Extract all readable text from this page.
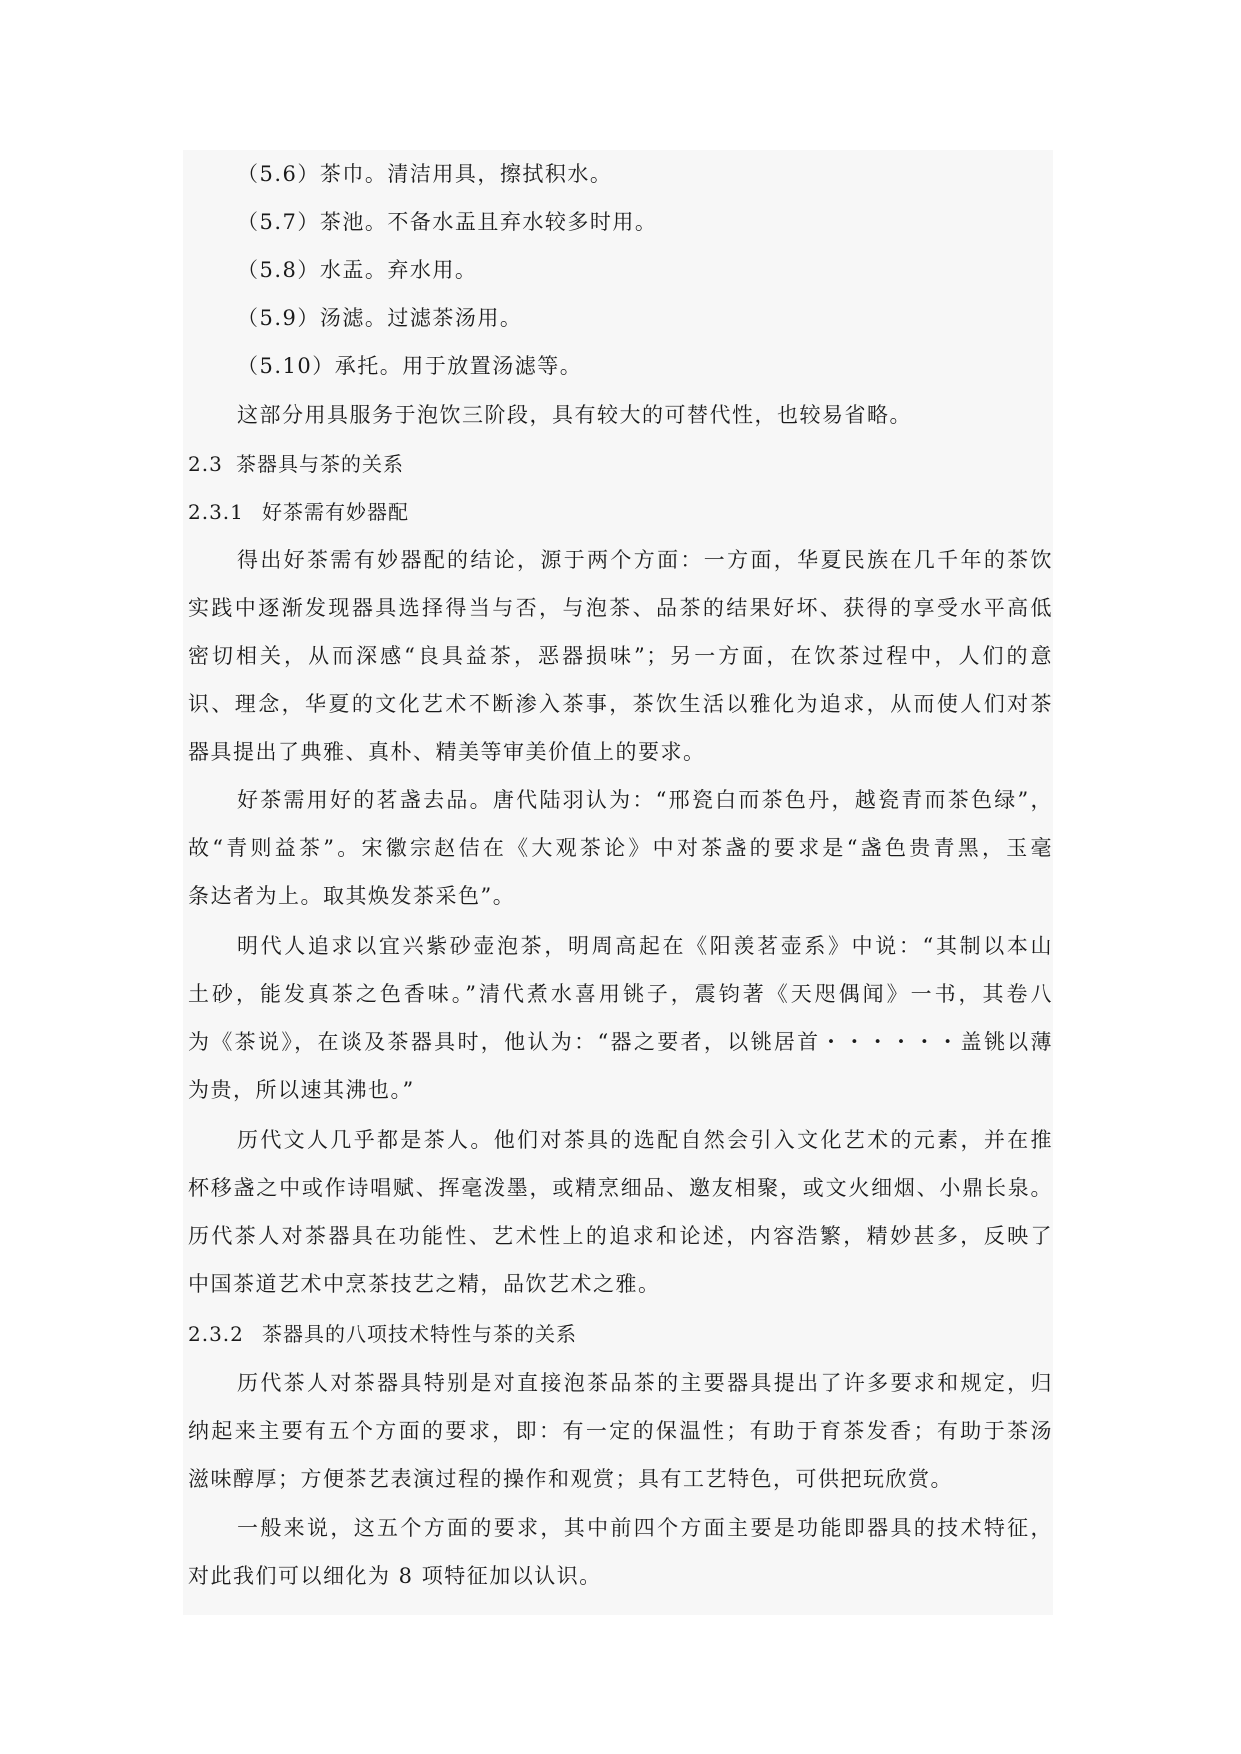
（5.6）茶巾。清洁用具，擦拭积水。
（5.7）茶池。不备水盂且弃水较多时用。
（5.8）水盂。弃水用。
（5.9）汤滤。过滤茶汤用。
（5.10）承托。用于放置汤滤等。
这部分用具服务于泡饮三阶段，具有较大的可替代性，也较易省略。
2.3 茶器具与茶的关系
2.3.1 好茶需有妙器配
得出好茶需有妙器配的结论，源于两个方面：一方面，华夏民族在几千年的茶饮
实践中逐渐发现器具选择得当与否，与泡茶、品茶的结果好坏、获得的享受水平高低
密切相关，从而深感“良具益茶，恶器损味”；另一方面，在饮茶过程中，人们的意
识、理念，华夏的文化艺术不断渗入茶事，茶饮生活以雅化为追求，从而使人们对茶
器具提出了典雅、真朴、精美等审美价值上的要求。
好茶需用好的茗盏去品。唐代陆羽认为：“邢瓷白而茶色丹，越瓷青而茶色绿”，
故“青则益茶”。宋徽宗赵佶在《大观茶论》中对茶盏的要求是“盏色贵青黑，玉毫
条达者为上。取其焕发茶采色”。
明代人追求以宜兴紫砂壶泡茶，明周高起在《阳羡茗壶系》中说：“其制以本山
土砂，能发真茶之色香味。”清代煮水喜用铫子，震钧著《天咫偶闻》一书，其卷八
为《茶说》，在谈及茶器具时，他认为：“器之要者，以铫居首・・・・・・盖铫以薄
为贵，所以速其沸也。”
历代文人几乎都是茶人。他们对茶具的选配自然会引入文化艺术的元素，并在推
杯移盏之中或作诗唱赋、挥毫泼墨，或精烹细品、邀友相聚，或文火细烟、小鼎长泉。
历代茶人对茶器具在功能性、艺术性上的追求和论述，内容浩繁，精妙甚多，反映了
中国茶道艺术中烹茶技艺之精，品饮艺术之雅。
2.3.2 茶器具的八项技术特性与茶的关系
历代茶人对茶器具特别是对直接泡茶品茶的主要器具提出了许多要求和规定，归
纳起来主要有五个方面的要求，即：有一定的保温性；有助于育茶发香；有助于茶汤
滋味醇厚；方便茶艺表演过程的操作和观赏；具有工艺特色，可供把玩欣赏。
一般来说，这五个方面的要求，其中前四个方面主要是功能即器具的技术特征，
对此我们可以细化为 8 项特征加以认识。
